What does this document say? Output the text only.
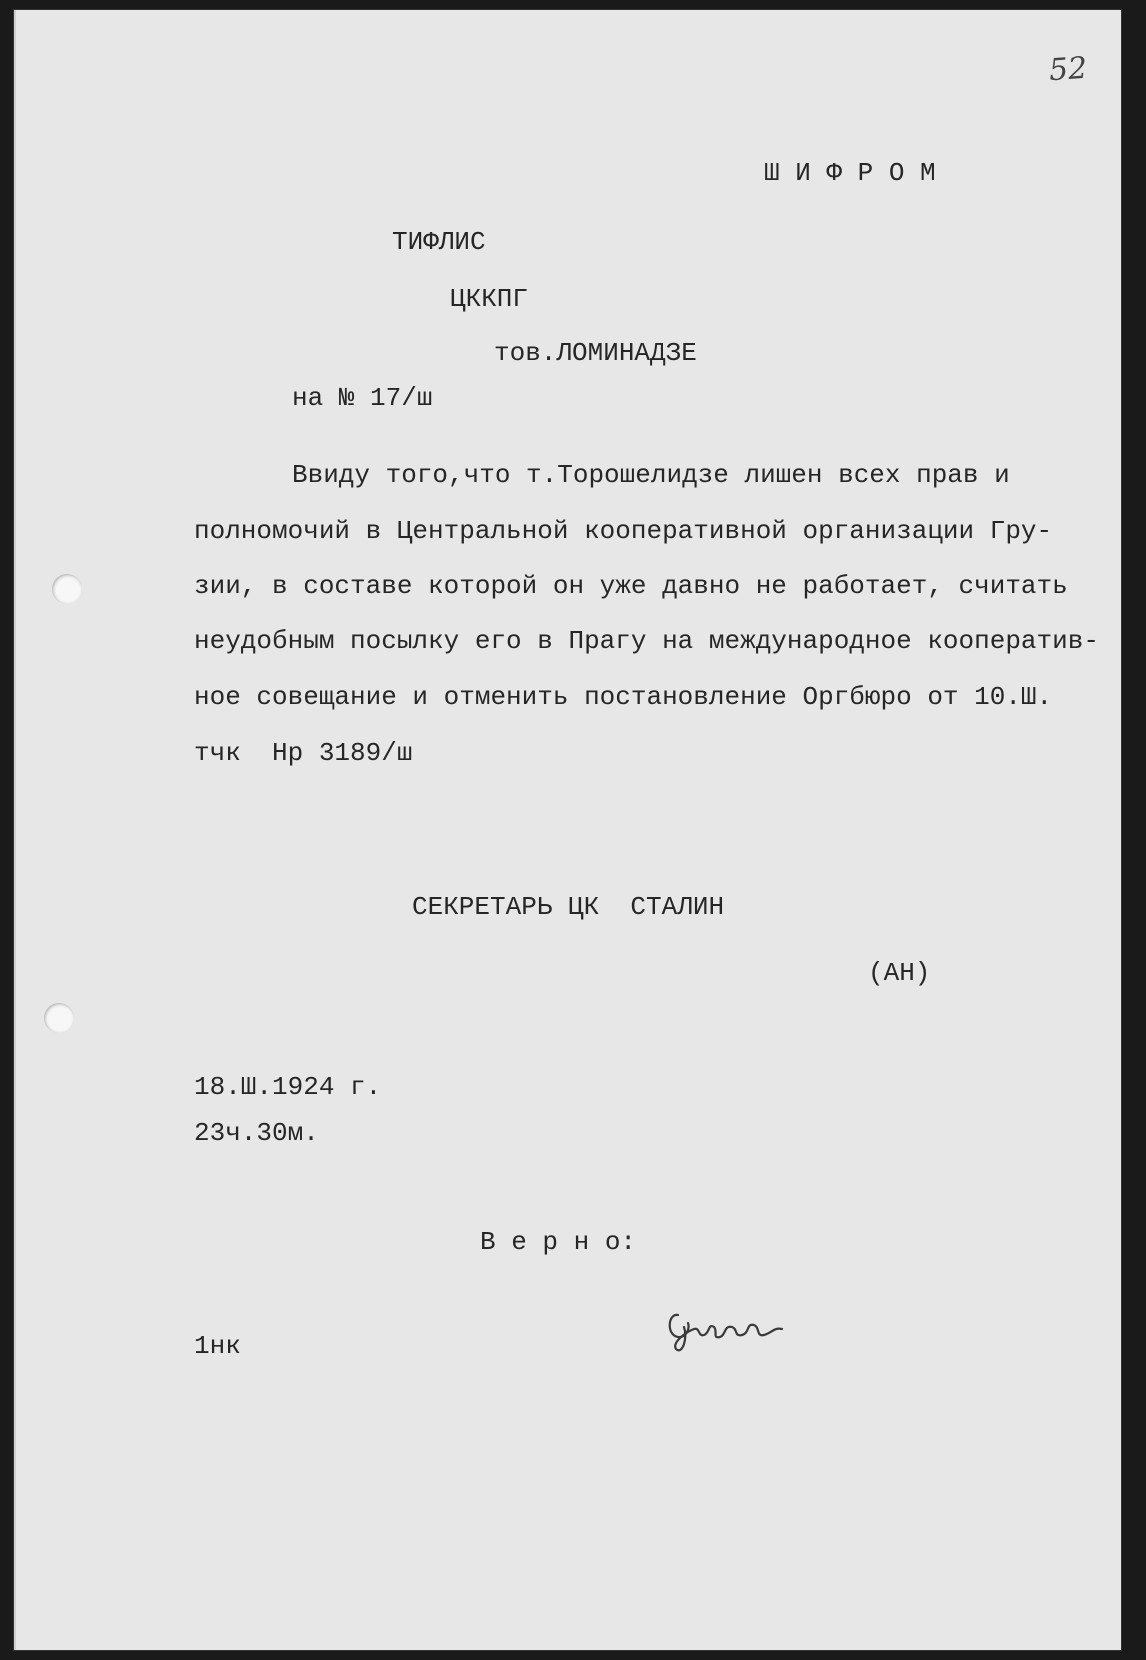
52
Ш И Ф Р О М
ТИФЛИС
ЦККПГ
тов.ЛОМИНАДЗЕ
на № 17/ш
Ввиду того,что т.Торошелидзе лишен всех прав и
полномочий в Центральной кооперативной организации Гру-
зии, в составе которой он уже давно не работает, считать
неудобным посылку его в Прагу на международное кооператив-
ное совещание и отменить постановление Оргбюро от 10.Ш.
тчк  Нр 3189/ш
СЕКРЕТАРЬ ЦК  СТАЛИН
(АН)
18.Ш.1924 г.
23ч.30м.
В е р н о:
1нк
